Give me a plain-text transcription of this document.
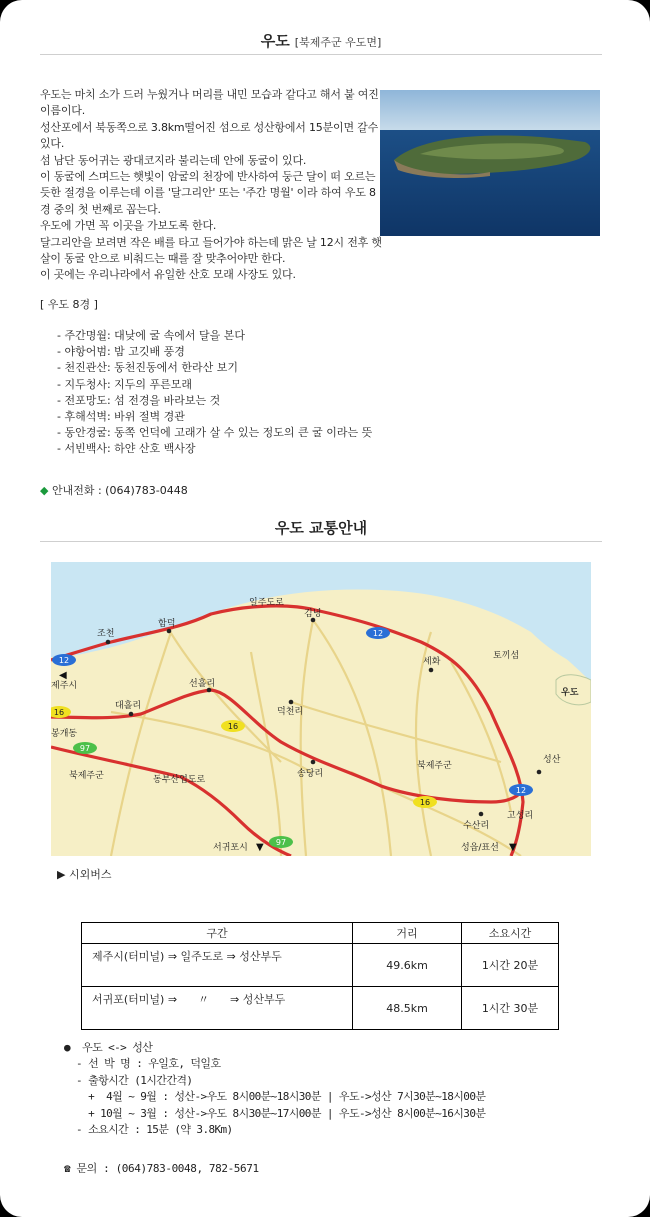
우도 [북제주군 우도면]

우도는 마치 소가 드러 누웠거나 머리를 내민 모습과 같다고 해서 붙 여진 이름이다.

성산포에서 북동쪽으로 3.8km떨어진 섬으로 성산항에서 15분이면 갈수 있다.

섬 남단 동어귀는 광대코지라 불리는데 안에 동굴이 있다.

이 동굴에 스며드는 햇빛이 암굴의 천장에 반사하여 둥근 달이 떠 오르는 듯한 절경을 이루는데 이를 '달그리안' 또는 '주간 명월' 이라 하여 우도 8경 중의 첫 번째로 꼽는다.

우도에 가면 꼭 이곳을 가보도록 한다.

달그리안을 보려면 작은 배를 타고 들어가야 하는데 맑은 날 12시 전후 햇살이 동굴 안으로 비춰드는 때를 잘 맞추어야만 한다.

이 곳에는 우리나라에서 유일한 산호 모래 사장도 있다.

[ 우도 8경 ]
- 주간명월: 대낮에 굴 속에서 달을 본다
- 야항어범: 밤 고깃배 풍경
- 천진관산: 동천진동에서 한라산 보기
- 지두청사: 지두의 푸른모래
- 전포망도: 섬 전경을 바라보는 것
- 후해석벽: 바위 절벽 경관
- 동안경굴: 동쪽 언덕에 고래가 살 수 있는 정도의 큰 굴 이라는 뜻
- 서빈백사: 하얀 산호 백사장
◆ 안내전화 : (064)783-0448
우도 교통안내
12
12
12
97
97
16
16
16
◀
▼	▼
일주도로
김녕
조천
함덕
토끼섬
세화
우도
제주시	선흘리
대흘리
덕천리
봉개동
북제주군	동부산업도로
송당리
북제주군
성산
고성리
수산리
서귀포시	성읍/표선
▶ 시외버스
구간	거리	소요시간
제주시(터미널) ⇒ 일주도로 ⇒ 성산부두	49.6km	1시간 20분
서귀포(터미널) ⇒      〃      ⇒ 성산부두	48.5km	1시간 30분
●  우도 <-> 성산
- 선 박 명 : 우일호, 덕일호
- 출항시간 (1시간간격)
+  4월 ~ 9월 : 성산->우도 8시00분~18시30분 | 우도->성산 7시30분~18시00분
+ 10월 ~ 3월 : 성산->우도 8시30분~17시00분 | 우도->성산 8시00분~16시30분
- 소요시간 : 15분 (약 3.8Km)
☎ 문의 : (064)783-0048, 782-5671
